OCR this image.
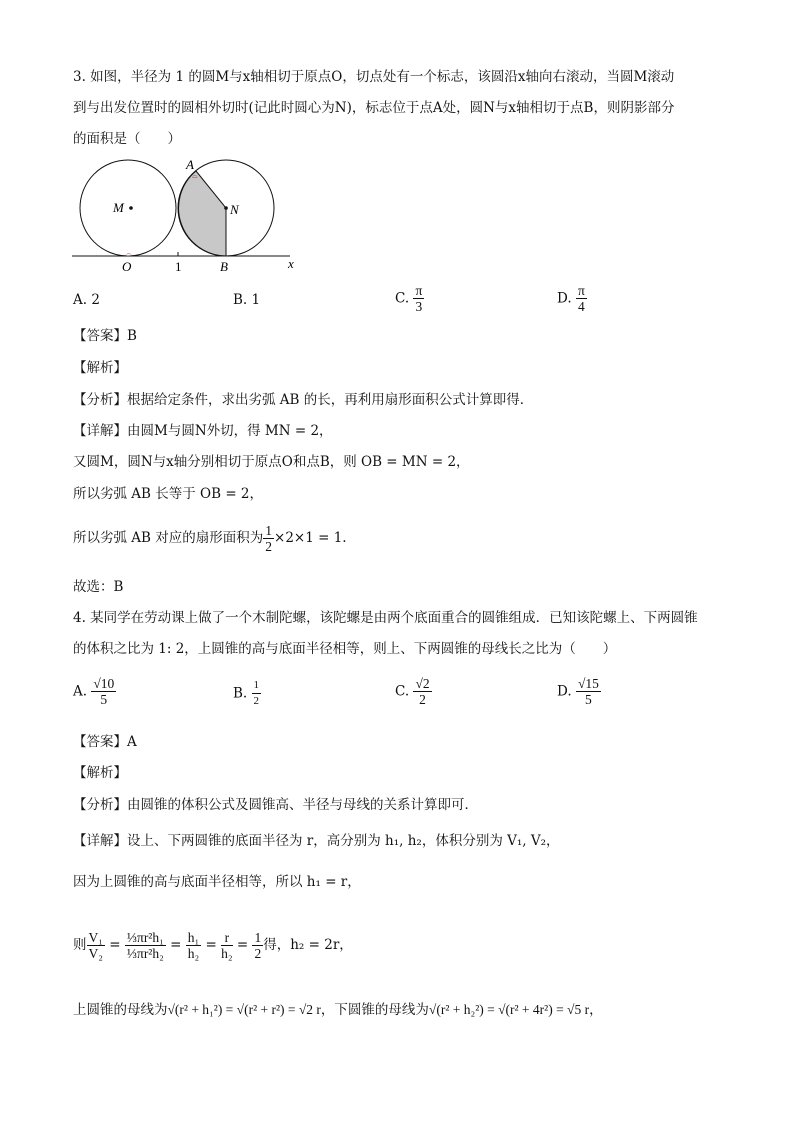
3. 如图，半径为 1 的圆M与x轴相切于原点O，切点处有一个标志，该圆沿x轴向右滚动，当圆M滚动
到与出发位置时的圆相外切时(记此时圆心为N)，标志位于点A处，圆N与x轴相切于点B，则阴影部分
的面积是（　　）
M	N
A
O	1	B	x
⌓
⌓
A. 2	B. 1	C. $\frac{\pi}{3}$	D. $\frac{\pi}{4}$
【答案】B
【解析】
【分析】根据给定条件，求出劣弧 AB 的长，再利用扇形面积公式计算即得．
【详解】由圆M与圆N外切，得 MN = 2，
又圆M，圆N与x轴分别相切于原点O和点B，则 OB = MN = 2，
所以劣弧 AB 长等于 OB = 2，
所以劣弧 AB 对应的扇形面积为 $\frac{1}{2} \times 2\times 1 = 1$.
故选：B
4. 某同学在劳动课上做了一个木制陀螺，该陀螺是由两个底面重合的圆锥组成．已知该陀螺上、下两圆锥
的体积之比为 1: 2，上圆锥的高与底面半径相等，则上、下两圆锥的母线长之比为（　　）
A. $\frac{√10}{5}$	B. $\frac{1}{2}$	C. $\frac{√2}{2}$	D. $\frac{√15}{5}$
【答案】A
【解析】
【分析】由圆锥的体积公式及圆锥高、半径与母线的关系计算即可．
【详解】设上、下两圆锥的底面半径为 r，高分别为 h₁, h₂，体积分别为 V₁, V₂，
因为上圆锥的高与底面半径相等，所以 h₁ = r，
则 $\frac{\text{V₁}}{\text{V₂}} = \frac{\text{⅓πr²h₁}}{\text{⅓πr²h₂}} = \frac{\text{h₁}}{\text{h₂}} = \frac{r}{\text{h₂}} = \frac{1}{2}$ 得，h₂ = 2r，
上圆锥的母线为√(r² + h₁²) = √(r² + r²) = √2 r，下圆锥的母线为√(r² + h₂²) = √(r² + 4r²) = √5 r，
